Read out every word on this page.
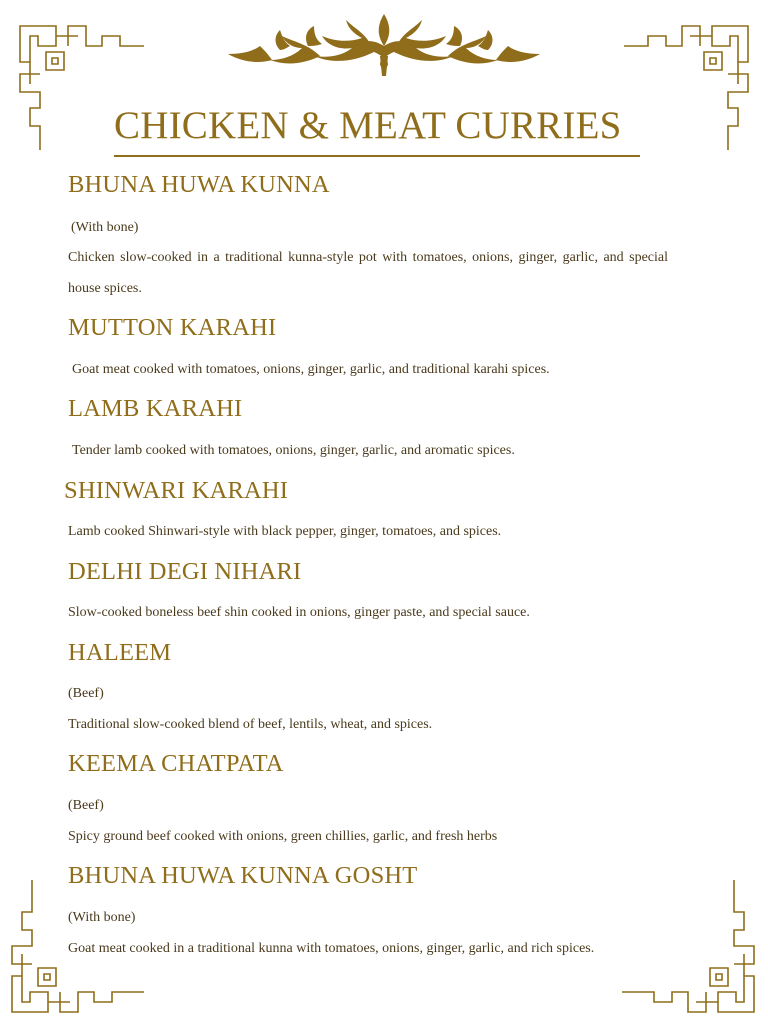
CHICKEN & MEAT CURRIES
BHUNA HUWA KUNNA
(With bone)
Chicken slow-cooked in a traditional kunna-style pot with tomatoes, onions, ginger, garlic, and special house spices.
MUTTON KARAHI
Goat meat cooked with tomatoes, onions, ginger, garlic, and traditional karahi spices.
LAMB KARAHI
Tender lamb cooked with tomatoes, onions, ginger, garlic, and aromatic spices.
SHINWARI KARAHI
Lamb cooked Shinwari-style with black pepper, ginger, tomatoes, and spices.
DELHI DEGI NIHARI
Slow-cooked boneless beef shin cooked in onions, ginger paste, and special sauce.
HALEEM
(Beef)
Traditional slow-cooked blend of beef, lentils, wheat, and spices.
KEEMA CHATPATA
(Beef)
Spicy ground beef cooked with onions, green chillies, garlic, and fresh herbs
BHUNA HUWA KUNNA GOSHT
(With bone)
Goat meat cooked in a traditional kunna with tomatoes, onions, ginger, garlic, and rich spices.
